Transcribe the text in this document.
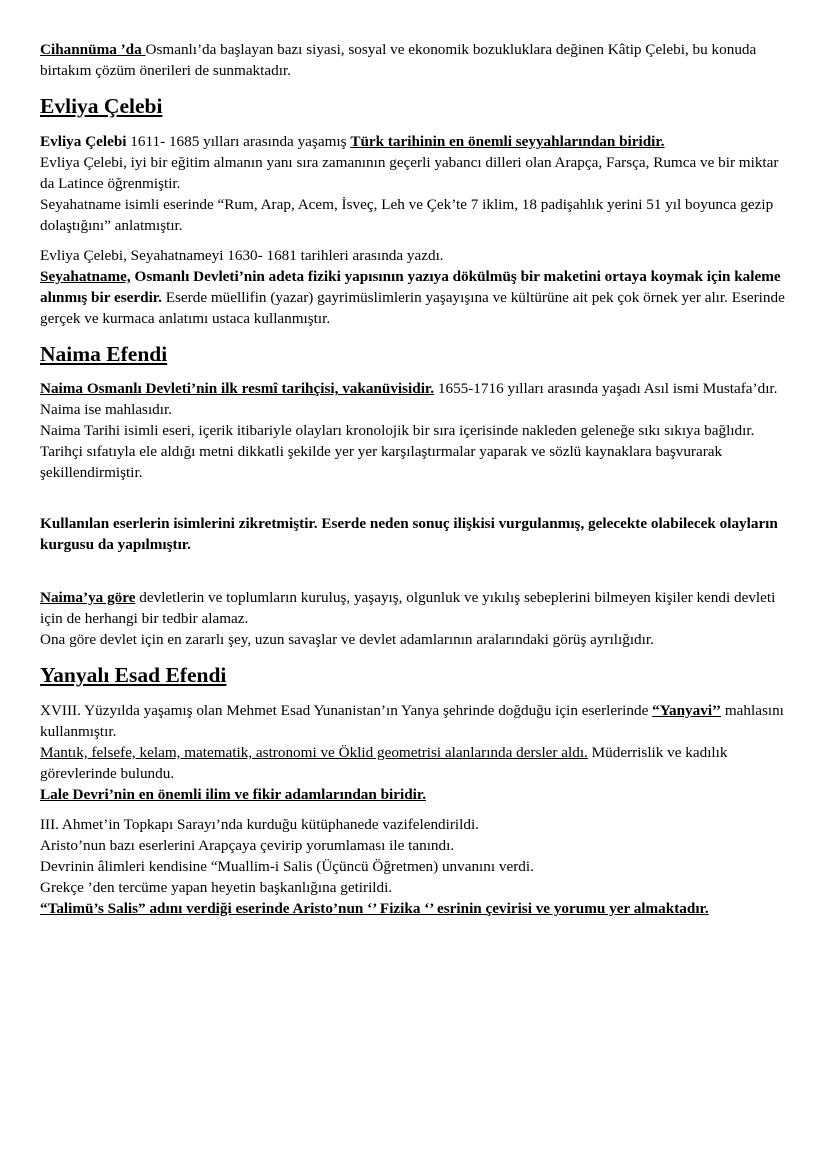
Cihannüma ’da Osmanlı’da başlayan bazı siyasi, sosyal ve ekonomik bozukluklara değinen Kâtip Çelebi, bu konuda birtakım çözüm önerileri de sunmaktadır.
Evliya Çelebi
Evliya Çelebi 1611- 1685 yılları arasında yaşamış Türk tarihinin en önemli seyyahlarından biridir.
Evliya Çelebi, iyi bir eğitim almanın yanı sıra zamanının geçerli yabancı dilleri olan Arapça, Farsça, Rumca ve bir miktar da Latince öğrenmiştir.
Seyahatname isimli eserinde “Rum, Arap, Acem, İsveç, Leh ve Çek’te 7 iklim, 18 padişahlık yerini 51 yıl boyunca gezip dolaştığını” anlatmıştır.
Evliya Çelebi, Seyahatnameyi 1630- 1681 tarihleri arasında yazdı.
Seyahatname, Osmanlı Devleti’nin adeta fiziki yapısının yazıya dökülmüş bir maketini ortaya koymak için kaleme alınmış bir eserdir. Eserde müellifin (yazar) gayrimüslimlerin yaşayışına ve kültürüne ait pek çok örnek yer alır. Eserinde gerçek ve kurmaca anlatımı ustaca kullanmıştır.
Naima Efendi
Naima Osmanlı Devleti’nin ilk resmî tarihçisi, vakanüvisidir. 1655-1716 yılları arasında yaşadı Asıl ismi Mustafa’dır. Naima ise mahlasıdır.
Naima Tarihi isimli eseri, içerik itibariyle olayları kronolojik bir sıra içerisinde nakleden geleneğe sıkı sıkıya bağlıdır.
Tarihçi sıfatıyla ele aldığı metni dikkatli şekilde yer yer karşılaştırmalar yaparak ve sözlü kaynaklara başvurarak şekillendirmiştir.
Kullanılan eserlerin isimlerini zikretmiştir. Eserde neden sonuç ilişkisi vurgulanmış, gelecekte olabilecek olayların kurgusu da yapılmıştır.
Naima’ya göre devletlerin ve toplumların kuruluş, yaşayış, olgunluk ve yıkılış sebeplerini bilmeyen kişiler kendi devleti için de herhangi bir tedbir alamaz.
Ona göre devlet için en zararlı şey, uzun savaşlar ve devlet adamlarının aralarındaki görüş ayrılığıdır.
Yanyalı Esad Efendi
XVIII. Yüzyılda yaşamış olan Mehmet Esad Yunanistan’ın Yanya şehrinde doğduğu için eserlerinde “Yanyavi’’ mahlasını kullanmıştır.
Mantık, felsefe, kelam, matematik, astronomi ve Öklid geometrisi alanlarında dersler aldı. Müderrislik ve kadılık görevlerinde bulundu.
Lale Devri’nin en önemli ilim ve fikir adamlarından biridir.
III. Ahmet’in Topkapı Sarayı’nda kurduğu kütüphanede vazifelendirildi.
Aristo’nun bazı eserlerini Arapçaya çevirip yorumlaması ile tanındı.
Devrinin âlimleri kendisine “Muallim-i Salis (Üçüncü Öğretmen) unvanını verdi.
Grekçe ’den tercüme yapan heyetin başkanlığına getirildi.
“Talimü’s Salis” adını verdiği eserinde Aristo’nun ‘’ Fizika ‘’ esrinin çevirisi ve yorumu yer almaktadır.
